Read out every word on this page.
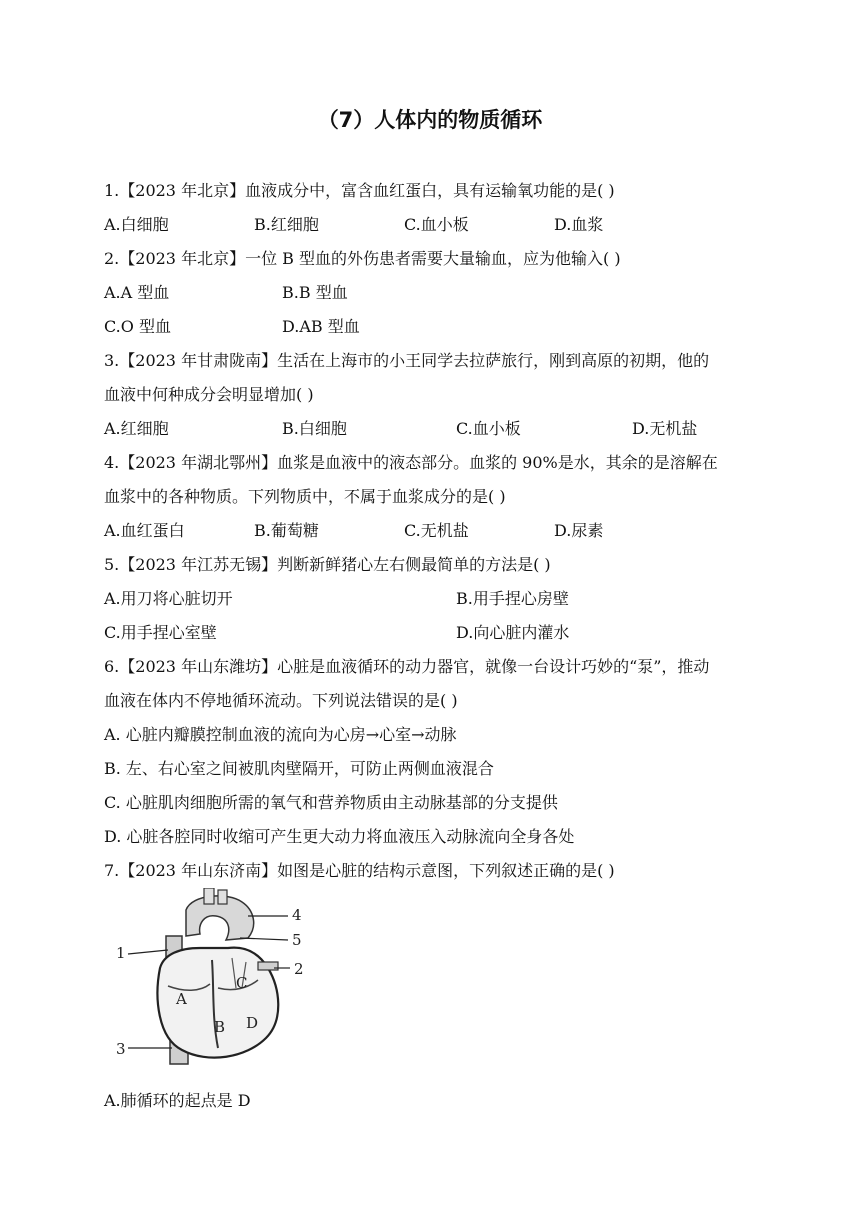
（7）人体内的物质循环
1.【2023 年北京】血液成分中，富含血红蛋白，具有运输氧功能的是( )
A.白细胞	B.红细胞	C.血小板	D.血浆
2.【2023 年北京】一位 B 型血的外伤患者需要大量输血，应为他输入( )
A.A 型血	B.B 型血
C.O 型血	D.AB 型血
3.【2023 年甘肃陇南】生活在上海市的小王同学去拉萨旅行，刚到高原的初期，他的
血液中何种成分会明显增加( )
A.红细胞	B.白细胞	C.血小板	D.无机盐
4.【2023 年湖北鄂州】血浆是血液中的液态部分。血浆的 90%是水，其余的是溶解在
血浆中的各种物质。下列物质中，不属于血浆成分的是( )
A.血红蛋白	B.葡萄糖	C.无机盐	D.尿素
5.【2023 年江苏无锡】判断新鲜猪心左右侧最简单的方法是( )
A.用刀将心脏切开	B.用手捏心房壁
C.用手捏心室壁	D.向心脏内灌水
6.【2023 年山东潍坊】心脏是血液循环的动力器官，就像一台设计巧妙的“泵”，推动
血液在体内不停地循环流动。下列说法错误的是( )
A. 心脏内瓣膜控制血液的流向为心房→心室→动脉
B. 左、右心室之间被肌肉壁隔开，可防止两侧血液混合
C. 心脏肌肉细胞所需的氧气和营养物质由主动脉基部的分支提供
D. 心脏各腔同时收缩可产生更大动力将血液压入动脉流向全身各处
7.【2023 年山东济南】如图是心脏的结构示意图，下列叙述正确的是( )
1
4
5
2
3
A
B
C
D
A.肺循环的起点是 D
